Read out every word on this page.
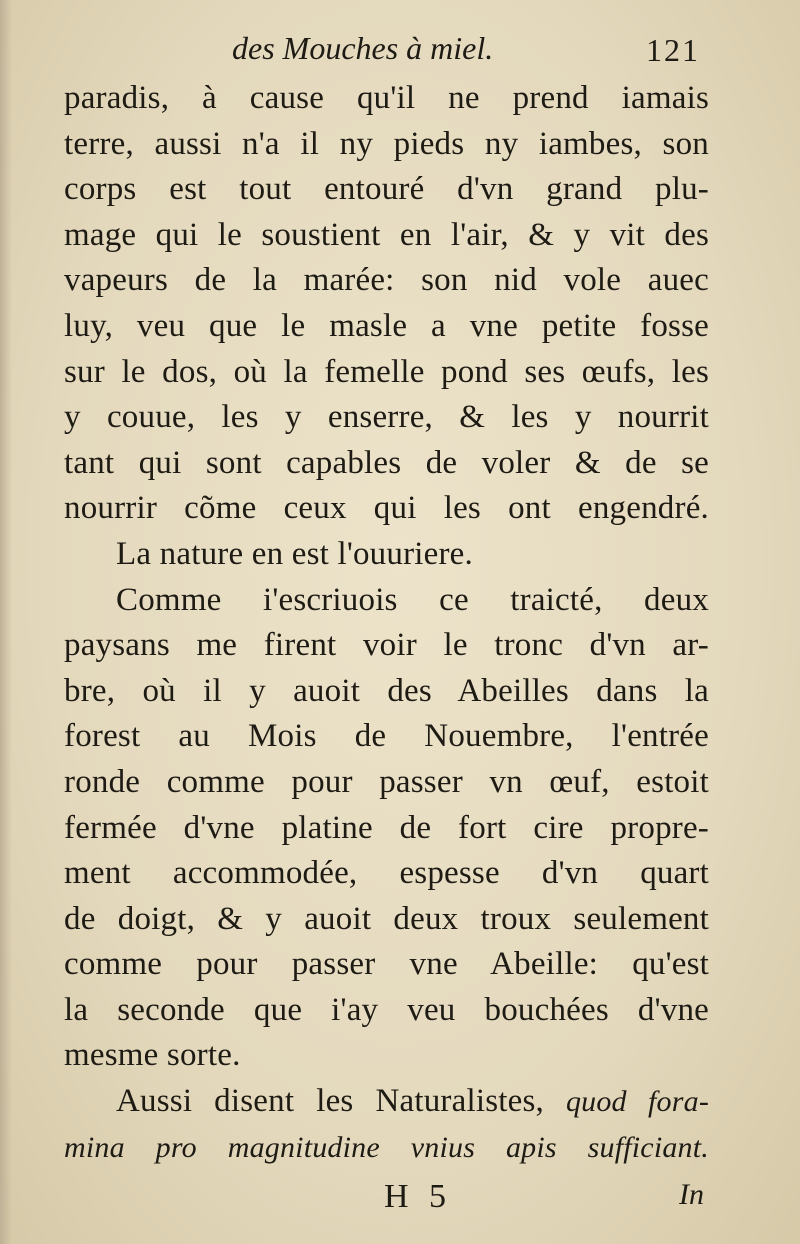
des Mouches à miel.	121
paradis, à cause qu'il ne prend iamais
terre, aussi n'a il ny pieds ny iambes, son
corps est tout entouré d'vn grand plu-
mage qui le soustient en l'air, & y vit des
vapeurs de la marée: son nid vole auec
luy, veu que le masle a vne petite fosse
sur le dos, où la femelle pond ses œufs, les
y couue, les y enserre, & les y nourrit
tant qui sont capables de voler & de se
nourrir cõme ceux qui les ont engendré.
La nature en est l'ouuriere.
Comme i'escriuois ce traicté, deux
paysans me firent voir le tronc d'vn ar-
bre, où il y auoit des Abeilles dans la
forest au Mois de Nouembre, l'entrée
ronde comme pour passer vn œuf, estoit
fermée d'vne platine de fort cire propre-
ment accommodée, espesse d'vn quart
de doigt, & y auoit deux troux seulement
comme pour passer vne Abeille: qu'est
la seconde que i'ay veu bouchées d'vne
mesme sorte.
Aussi disent les Naturalistes, quod fora-
mina pro magnitudine vnius apis sufficiant.
H 5	In
